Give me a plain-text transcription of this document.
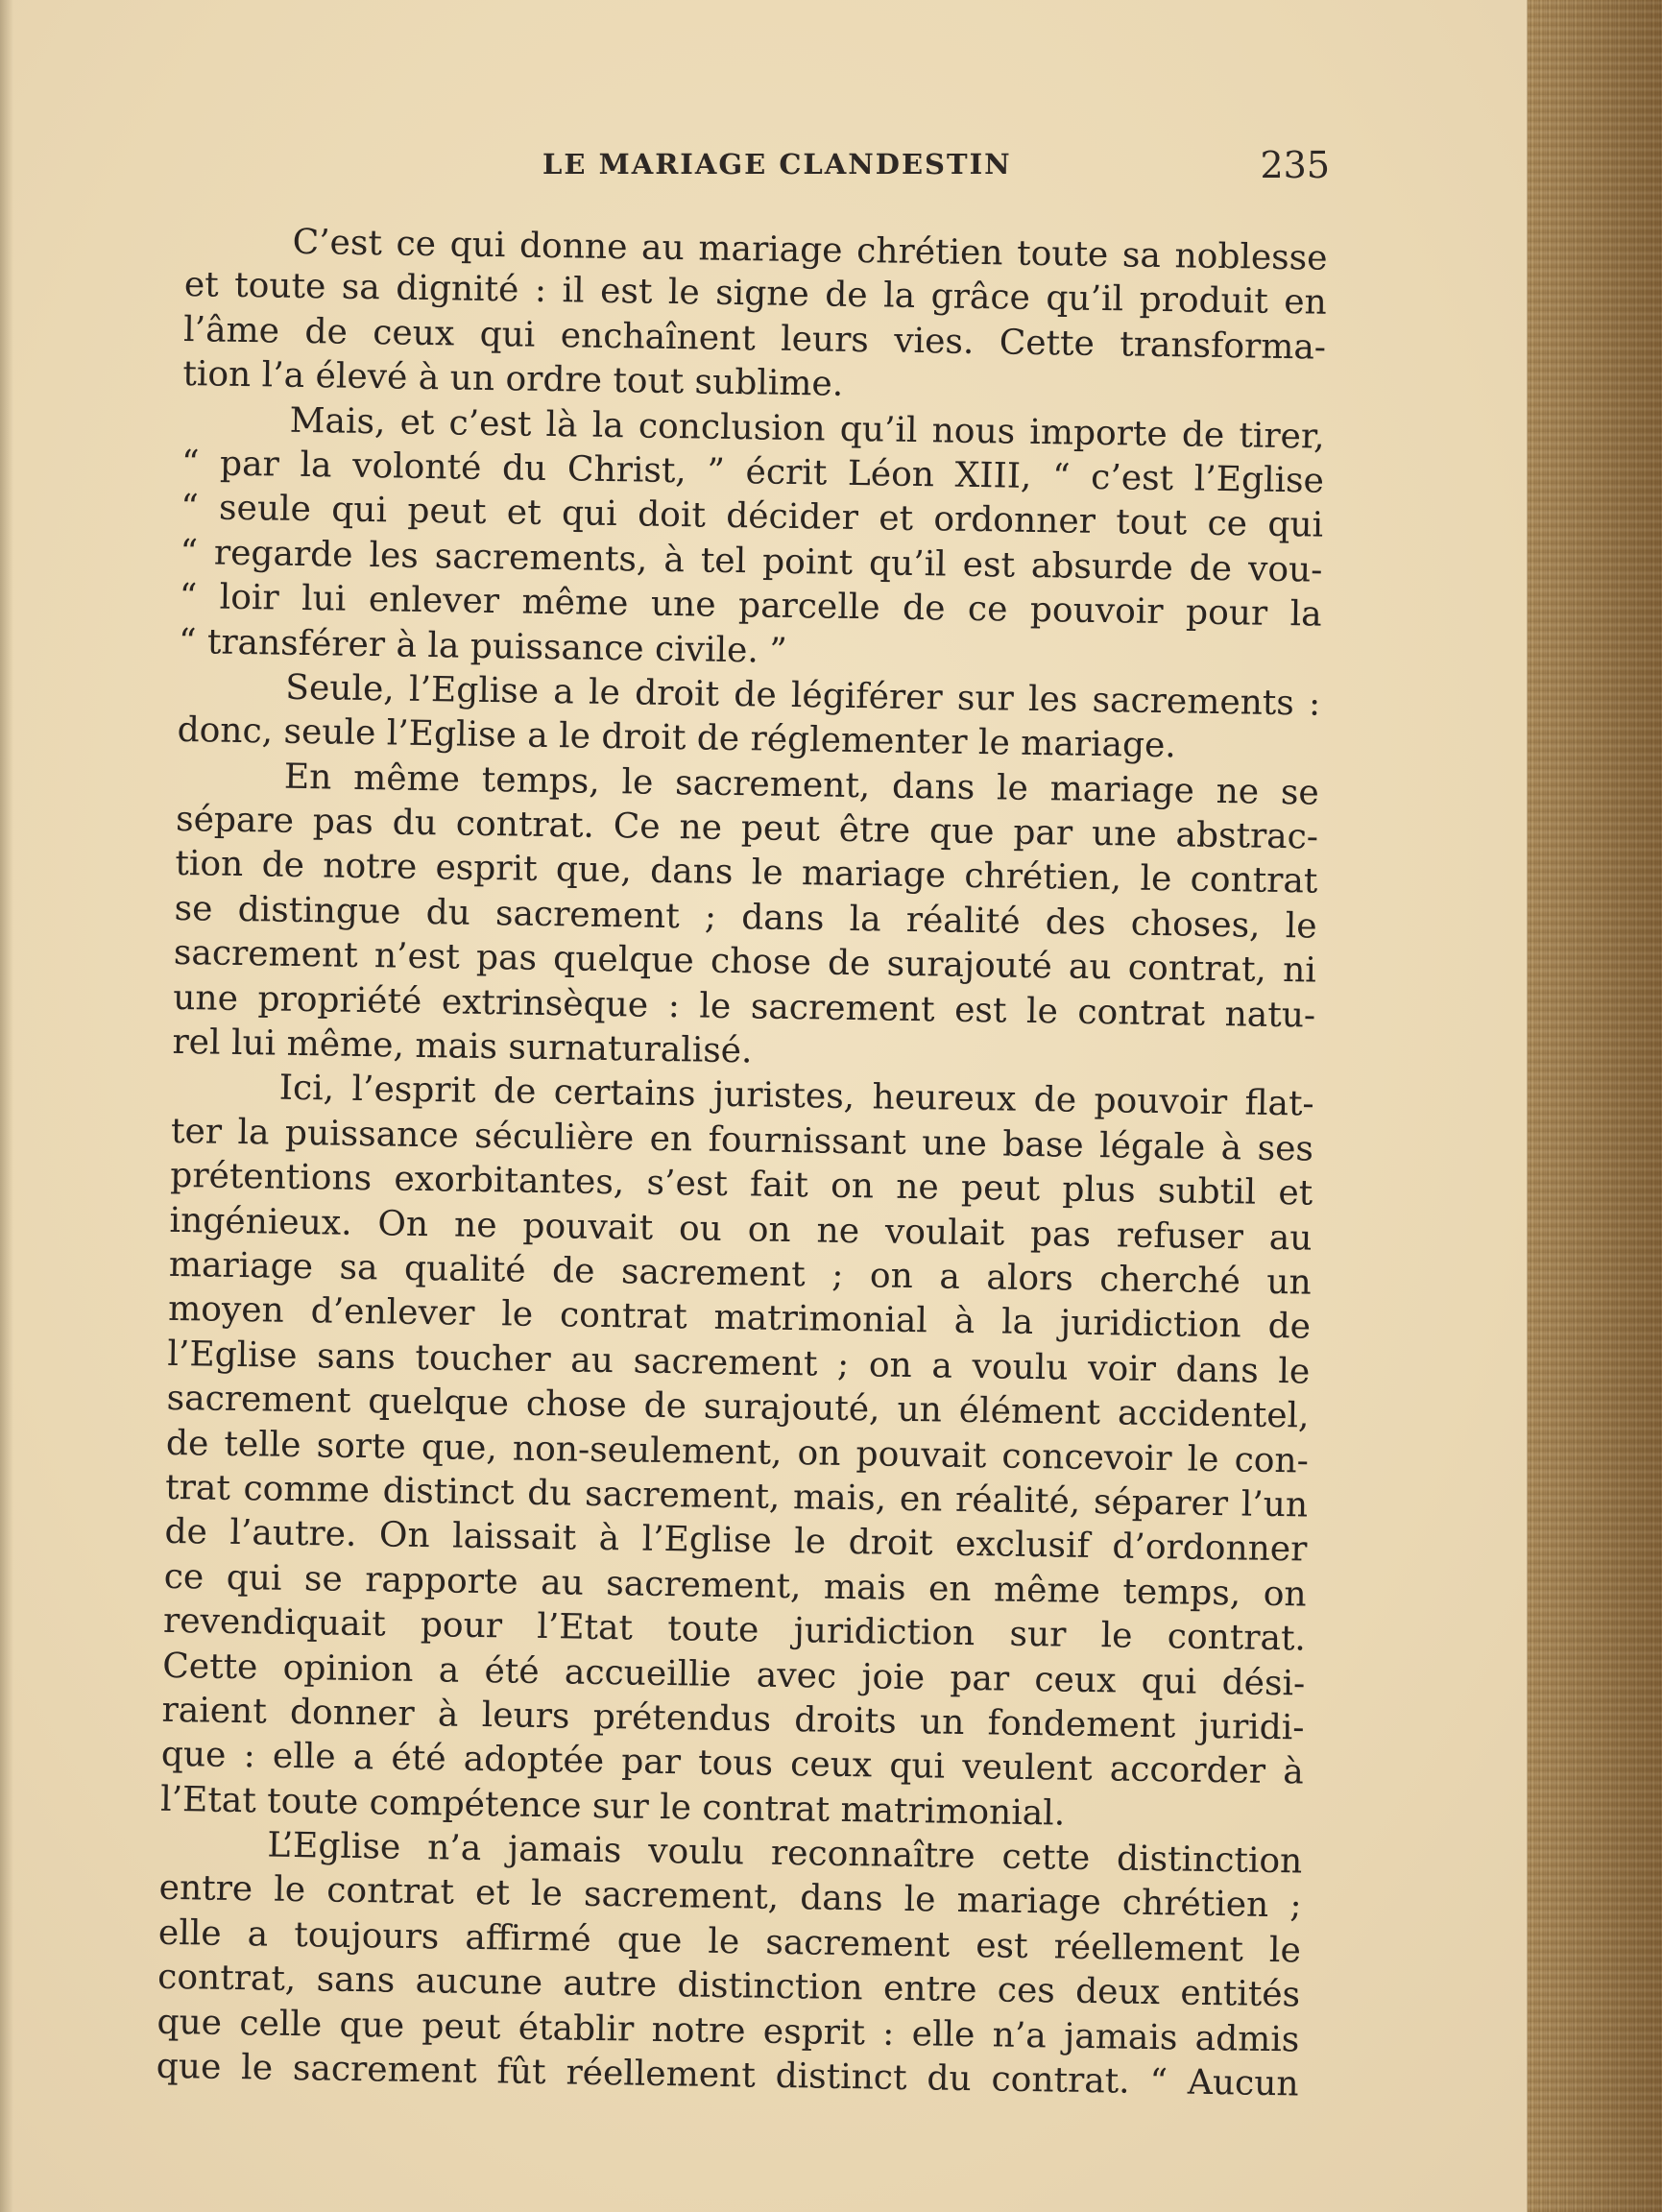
LE MARIAGE CLANDESTIN	235
C’est ce qui donne au mariage chrétien toute sa noblesse
et toute sa dignité : il est le signe de la grâce qu’il produit en
l’âme de ceux qui enchaînent leurs vies. Cette transforma-
tion l’a élevé à un ordre tout sublime.
Mais, et c’est là la conclusion qu’il nous importe de tirer,
“ par la volonté du Christ, ” écrit Léon XIII, “ c’est l’Eglise
“ seule qui peut et qui doit décider et ordonner tout ce qui
“ regarde les sacrements, à tel point qu’il est absurde de vou-
“ loir lui enlever même une parcelle de ce pouvoir pour la
“ transférer à la puissance civile. ”
Seule, l’Eglise a le droit de légiférer sur les sacrements :
donc, seule l’Eglise a le droit de réglementer le mariage.
En même temps, le sacrement, dans le mariage ne se
sépare pas du contrat. Ce ne peut être que par une abstrac-
tion de notre esprit que, dans le mariage chrétien, le contrat
se distingue du sacrement ; dans la réalité des choses, le
sacrement n’est pas quelque chose de surajouté au contrat, ni
une propriété extrinsèque : le sacrement est le contrat natu-
rel lui même, mais surnaturalisé.
Ici, l’esprit de certains juristes, heureux de pouvoir flat-
ter la puissance séculière en fournissant une base légale à ses
prétentions exorbitantes, s’est fait on ne peut plus subtil et
ingénieux. On ne pouvait ou on ne voulait pas refuser au
mariage sa qualité de sacrement ; on a alors cherché un
moyen d’enlever le contrat matrimonial à la juridiction de
l’Eglise sans toucher au sacrement ; on a voulu voir dans le
sacrement quelque chose de surajouté, un élément accidentel,
de telle sorte que, non-seulement, on pouvait concevoir le con-
trat comme distinct du sacrement, mais, en réalité, séparer l’un
de l’autre. On laissait à l’Eglise le droit exclusif d’ordonner
ce qui se rapporte au sacrement, mais en même temps, on
revendiquait pour l’Etat toute juridiction sur le contrat.
Cette opinion a été accueillie avec joie par ceux qui dési-
raient donner à leurs prétendus droits un fondement juridi-
que : elle a été adoptée par tous ceux qui veulent accorder à
l’Etat toute compétence sur le contrat matrimonial.
L’Eglise n’a jamais voulu reconnaître cette distinction
entre le contrat et le sacrement, dans le mariage chrétien ;
elle a toujours affirmé que le sacrement est réellement le
contrat, sans aucune autre distinction entre ces deux entités
que celle que peut établir notre esprit : elle n’a jamais admis
que le sacrement fût réellement distinct du contrat. “ Aucun
